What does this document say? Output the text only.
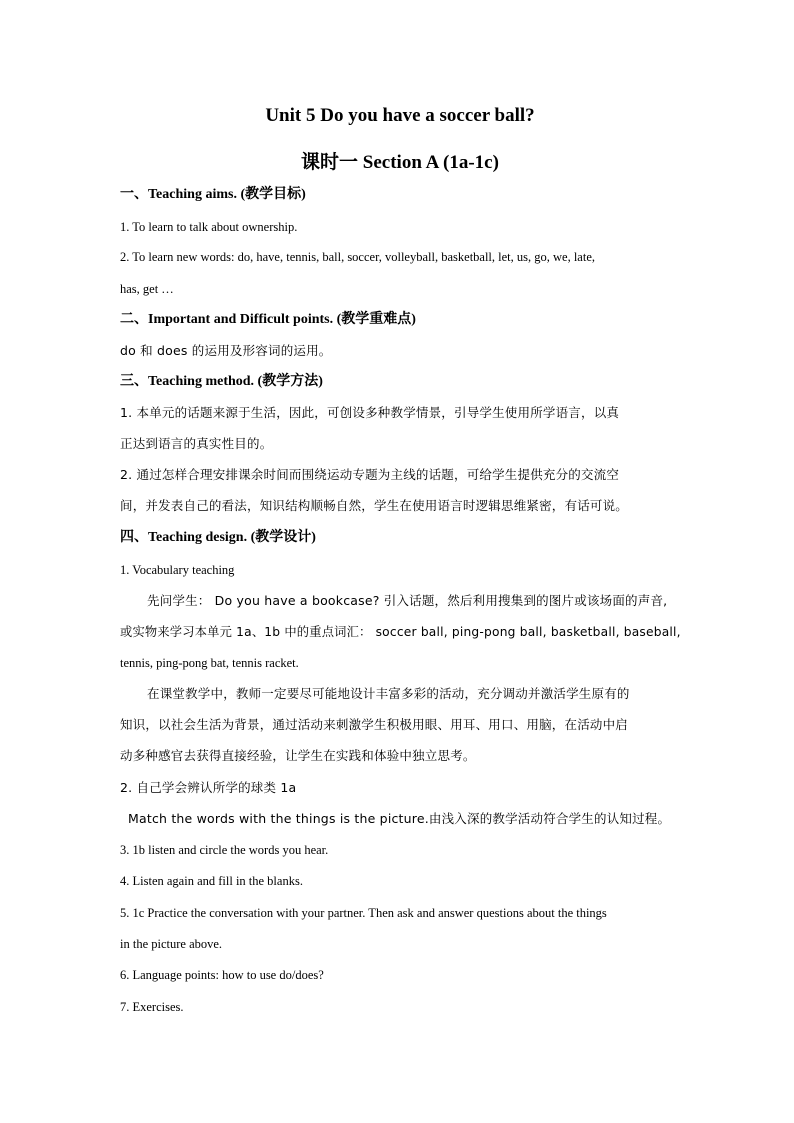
Unit 5 Do you have a soccer ball?
课时一 Section A (1a-1c)
一、Teaching aims. (教学目标)
1. To learn to talk about ownership.
2. To learn new words: do, have, tennis, ball, soccer, volleyball, basketball, let, us, go, we, late,
has, get …
二、Important and Difficult points. (教学重难点)
do 和 does 的运用及形容词的运用。
三、Teaching method. (教学方法)
1. 本单元的话题来源于生活，因此，可创设多种教学情景，引导学生使用所学语言，以真
正达到语言的真实性目的。
2. 通过怎样合理安排课余时间而围绕运动专题为主线的话题，可给学生提供充分的交流空
间，并发表自己的看法，知识结构顺畅自然，学生在使用语言时逻辑思维紧密，有话可说。
四、Teaching design. (教学设计)
1. Vocabulary teaching
先问学生： Do you have a bookcase? 引入话题，然后利用搜集到的图片或该场面的声音,
或实物来学习本单元 1a、1b 中的重点词汇： soccer ball, ping-pong ball, basketball, baseball,
tennis, ping-pong bat, tennis racket.
在课堂教学中，教师一定要尽可能地设计丰富多彩的活动，充分调动并激活学生原有的
知识，以社会生活为背景，通过活动来刺激学生积极用眼、用耳、用口、用脑，在活动中启
动多种感官去获得直接经验，让学生在实践和体验中独立思考。
2. 自己学会辨认所学的球类 1a
Match the words with the things is the picture.由浅入深的教学活动符合学生的认知过程。
3. 1b listen and circle the words you hear.
4. Listen again and fill in the blanks.
5. 1c Practice the conversation with your partner. Then ask and answer questions about the things
in the picture above.
6. Language points: how to use do/does?
7. Exercises.
